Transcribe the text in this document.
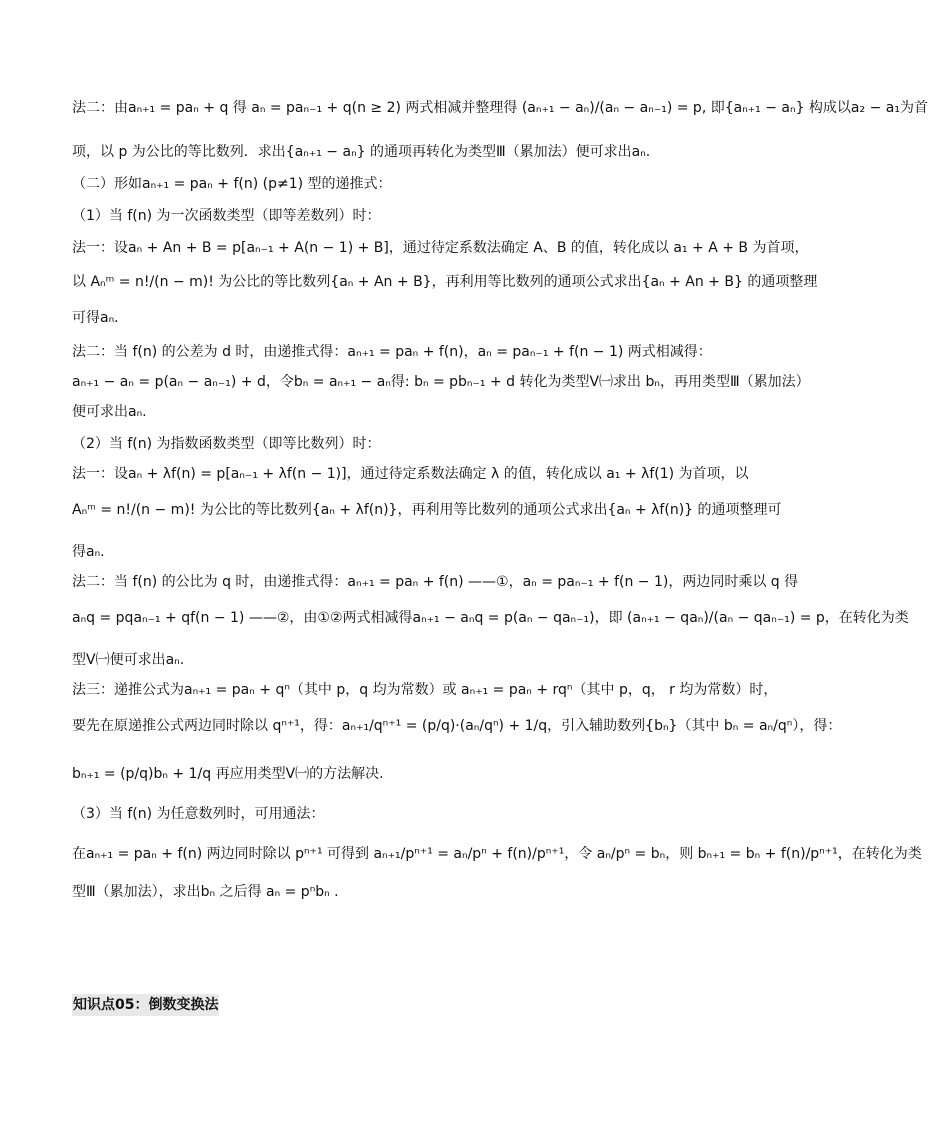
法二：由aₙ₊₁ = paₙ + q 得 aₙ = paₙ₋₁ + q(n ≥ 2) 两式相减并整理得 (aₙ₊₁ − aₙ)/(aₙ − aₙ₋₁) = p, 即{aₙ₊₁ − aₙ} 构成以a₂ − a₁为首
项，以 p 为公比的等比数列．求出{aₙ₊₁ − aₙ} 的通项再转化为类型Ⅲ（累加法）便可求出aₙ.
（二）形如aₙ₊₁ = paₙ + f(n) (p≠1) 型的递推式：
（1）当 f(n) 为一次函数类型（即等差数列）时：
法一：设aₙ + An + B = p[aₙ₋₁ + A(n − 1) + B]，通过待定系数法确定 A、B 的值，转化成以 a₁ + A + B 为首项，
以 Aₙᵐ = n!/(n − m)! 为公比的等比数列{aₙ + An + B}，再利用等比数列的通项公式求出{aₙ + An + B} 的通项整理
可得aₙ.
法二：当 f(n) 的公差为 d 时，由递推式得：aₙ₊₁ = paₙ + f(n)，aₙ = paₙ₋₁ + f(n − 1) 两式相减得：
aₙ₊₁ − aₙ = p(aₙ − aₙ₋₁) + d，令bₙ = aₙ₊₁ − aₙ得: bₙ = pbₙ₋₁ + d 转化为类型Ⅴ㈠求出 bₙ，再用类型Ⅲ（累加法）
便可求出aₙ.
（2）当 f(n) 为指数函数类型（即等比数列）时：
法一：设aₙ + λf(n) = p[aₙ₋₁ + λf(n − 1)]，通过待定系数法确定 λ 的值，转化成以 a₁ + λf(1) 为首项，以
Aₙᵐ = n!/(n − m)! 为公比的等比数列{aₙ + λf(n)}，再利用等比数列的通项公式求出{aₙ + λf(n)} 的通项整理可
得aₙ.
法二：当 f(n) 的公比为 q 时，由递推式得：aₙ₊₁ = paₙ + f(n) ——①，aₙ = paₙ₋₁ + f(n − 1)，两边同时乘以 q 得
aₙq = pqaₙ₋₁ + qf(n − 1) ——②，由①②两式相减得aₙ₊₁ − aₙq = p(aₙ − qaₙ₋₁)，即 (aₙ₊₁ − qaₙ)/(aₙ − qaₙ₋₁) = p，在转化为类
型Ⅴ㈠便可求出aₙ.
法三：递推公式为aₙ₊₁ = paₙ + qⁿ（其中 p，q 均为常数）或 aₙ₊₁ = paₙ + rqⁿ（其中 p，q， r 均为常数）时，
要先在原递推公式两边同时除以 qⁿ⁺¹，得：aₙ₊₁/qⁿ⁺¹ = (p/q)·(aₙ/qⁿ) + 1/q，引入辅助数列{bₙ}（其中 bₙ = aₙ/qⁿ），得：
bₙ₊₁ = (p/q)bₙ + 1/q 再应用类型Ⅴ㈠的方法解决.
（3）当 f(n) 为任意数列时，可用通法：
在aₙ₊₁ = paₙ + f(n) 两边同时除以 pⁿ⁺¹ 可得到 aₙ₊₁/pⁿ⁺¹ = aₙ/pⁿ + f(n)/pⁿ⁺¹，令 aₙ/pⁿ = bₙ，则 bₙ₊₁ = bₙ + f(n)/pⁿ⁺¹，在转化为类
型Ⅲ（累加法），求出bₙ 之后得 aₙ = pⁿbₙ .
知识点05：倒数变换法
